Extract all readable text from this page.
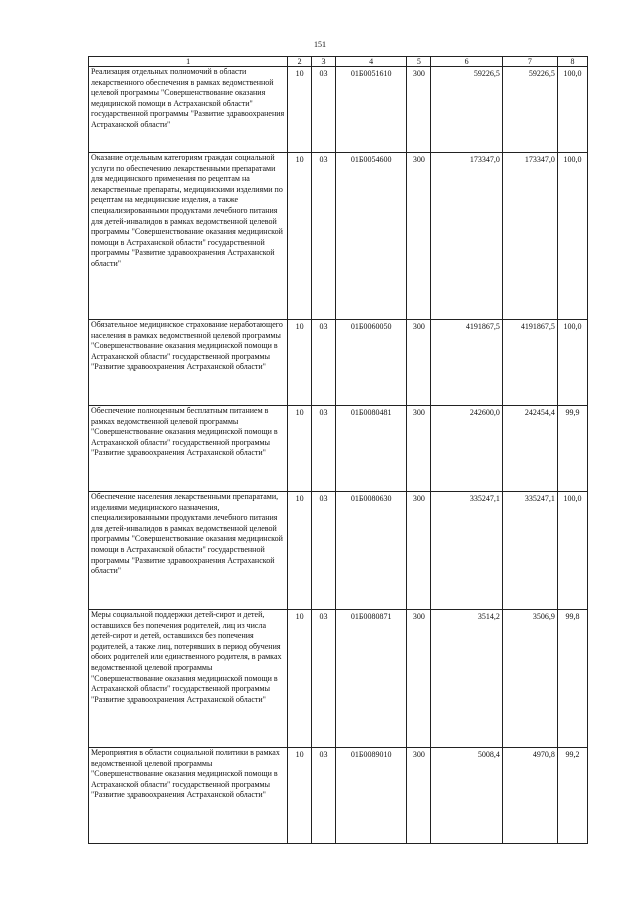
151
1	2	3	4	5	6	7	8
Реализация отдельных полномочий в области лекарственного обеспечения в рамках ведомственной целевой программы "Совершенствование оказания медицинской помощи в Астраханской области" государственной программы "Развитие здравоохранения Астраханской области"	10	03	01Б0051610	300	59226,5	59226,5	100,0
Оказание отдельным категориям граждан социальной услуги по обеспечению лекарственными препаратами для медицинского применения по рецептам на лекарственные препараты, медицинскими изделиями по рецептам на медицинские изделия, а также специализированными продуктами лечебного питания для детей-инвалидов в рамках ведомственной целевой программы "Совершенствование оказания медицинской помощи в Астраханской области" государственной программы "Развитие здравоохранения Астраханской области"	10	03	01Б0054600	300	173347,0	173347,0	100,0
Обязательное медицинское страхование неработающего населения в рамках ведомственной целевой программы "Совершенствование оказания медицинской помощи в Астраханской области" государственной программы "Развитие здравоохранения Астраханской области"	10	03	01Б0060050	300	4191867,5	4191867,5	100,0
Обеспечение полноценным бесплатным питанием в рамках ведомственной целевой программы "Совершенствование оказания медицинской помощи в Астраханской области" государственной программы "Развитие здравоохранения Астраханской области"	10	03	01Б0080481	300	242600,0	242454,4	99,9
Обеспечение населения лекарственными препаратами, изделиями медицинского назначения, специализированными продуктами лечебного питания для детей-инвалидов в рамках ведомственной целевой программы "Совершенствование оказания медицинской помощи в Астраханской области" государственной программы "Развитие здравоохранения Астраханской области"	10	03	01Б0080630	300	335247,1	335247,1	100,0
Меры социальной поддержки детей-сирот и детей, оставшихся без попечения родителей, лиц из числа детей-сирот и детей, оставшихся без попечения родителей, а также лиц, потерявших в период обучения обоих родителей или единственного родителя, в рамках ведомственной целевой программы "Совершенствование оказания медицинской помощи в Астраханской области" государственной программы "Развитие здравоохранения Астраханской области"	10	03	01Б0080871	300	3514,2	3506,9	99,8
Мероприятия в области социальной политики в рамках ведомственной целевой программы "Совершенствование оказания медицинской помощи в Астраханской области" государственной программы "Развитие здравоохранения Астраханской области"	10	03	01Б0089010	300	5008,4	4970,8	99,2
